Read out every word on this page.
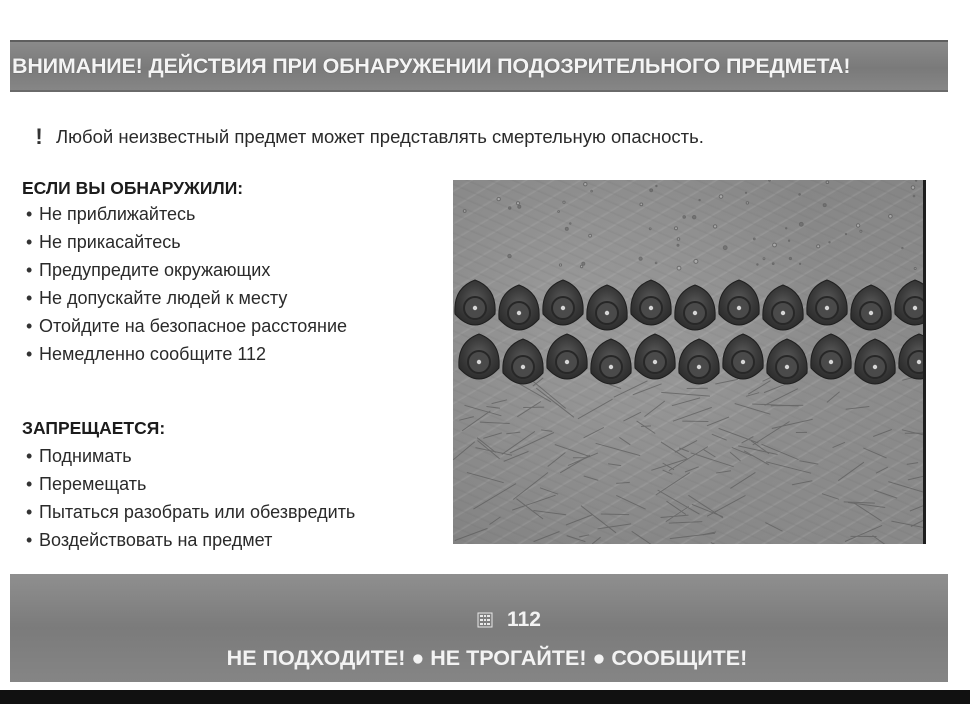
ВНИМАНИЕ! ДЕЙСТВИЯ ПРИ ОБНАРУЖЕНИИ ПОДОЗРИТЕЛЬНОГО ПРЕДМЕТА!
! Любой неизвестный предмет может представлять смертельную опасность.
ЕСЛИ ВЫ ОБНАРУЖИЛИ:
• Не приближайтесь
• Не прикасайтесь
• Предупредите окружающих
• Не допускайте людей к месту
• Отойдите на безопасное расстояние
• Немедленно сообщите 112
ЗАПРЕЩАЕТСЯ:
• Поднимать
• Перемещать
• Пытаться разобрать или обезвредить
• Воздействовать на предмет
112
НЕ ПОДХОДИТЕ! ● НЕ ТРОГАЙТЕ! ● СООБЩИТЕ!
